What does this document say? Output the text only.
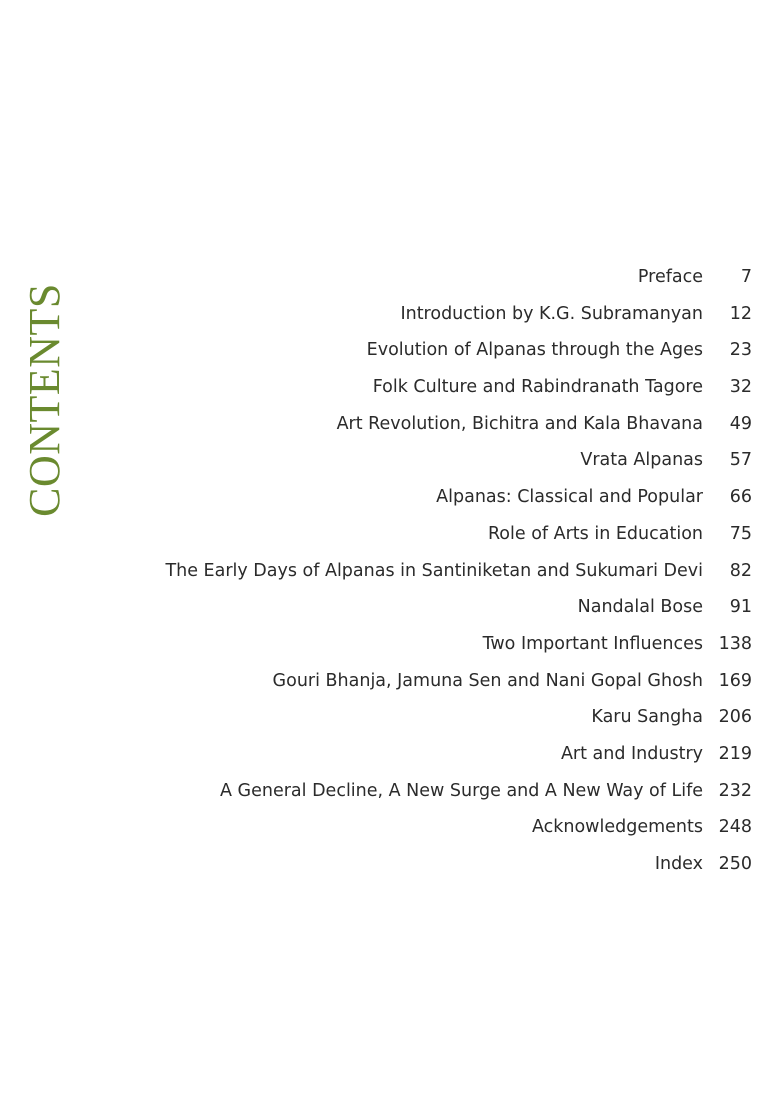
CONTENTS
Preface	7
Introduction by K.G. Subramanyan	12
Evolution of Alpanas through the Ages	23
Folk Culture and Rabindranath Tagore	32
Art Revolution, Bichitra and Kala Bhavana	49
Vrata Alpanas	57
Alpanas: Classical and Popular	66
Role of Arts in Education	75
The Early Days of Alpanas in Santiniketan and Sukumari Devi	82
Nandalal Bose	91
Two Important Influences 138
Gouri Bhanja, Jamuna Sen and Nani Gopal Ghosh 169
Karu Sangha 206
Art and Industry 219
A General Decline, A New Surge and A New Way of Life 232
Acknowledgements 248
Index 250
